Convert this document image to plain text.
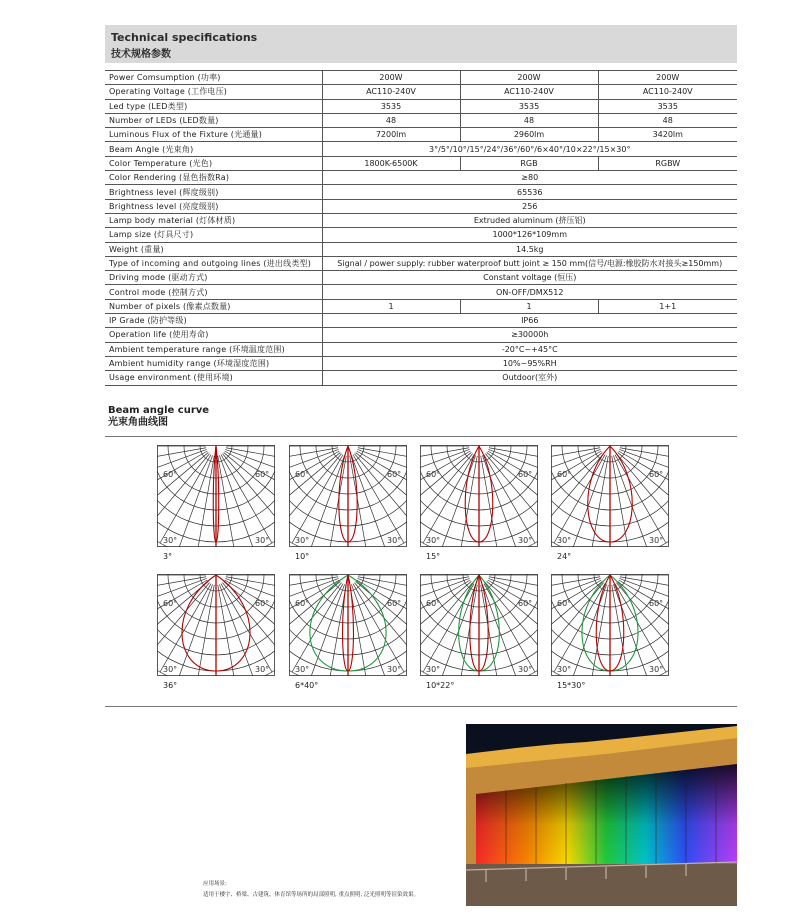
Technical specifications
技术规格参数
Power Comsumption (功率)	200W	200W	200W
Operating Voltage (工作电压)	AC110-240V	AC110-240V	AC110-240V
Led type (LED类型)	3535	3535	3535
Number of LEDs (LED数量)	48	48	48
Luminous Flux of the Fixture (光通量)	7200lm	2960lm	3420lm
Beam Angle (光束角)	3°/5°/10°/15°/24°/36°/60°/6×40°/10×22°/15×30°		
Color Temperature (光色)	1800K-6500K	RGB	RGBW
Color Rendering (显色指数Ra)	≥80		
Brightness level (辉度级别)	65536		
Brightness level (亮度级别)	256		
Lamp body material (灯体材质)	Extruded aluminum (挤压铝)		
Lamp size (灯具尺寸)	1000*126*109mm		
Weight (重量)	14.5kg		
Type of incoming and outgoing lines (进出线类型)	Signal / power supply: rubber waterproof butt joint ≥ 150 mm(信号/电源:橡胶防水对接头≥150mm)		
Driving mode (驱动方式)	Constant voltage (恒压)		
Control mode (控制方式)	ON-OFF/DMX512		
Number of pixels (像素点数量)	1	1	1+1
IP Grade (防护等级)	IP66		
Operation life (使用寿命)	≥30000h		
Ambient temperature range (环境温度范围)	-20°C~+45°C		
Ambient humidity range (环境湿度范围)	10%~95%RH		
Usage environment (使用环境)	Outdoor(室外)		
Beam angle curve
光束角曲线图
60°	60°
30°	30°
3°
60°	60°
30°	30°
10°
60°	60°
30°	30°
15°
60°	60°
30°	30°
24°
60°	60°
30°	30°
36°
60°	60°
30°	30°
6*40°
60°	60°
30°	30°
10*22°
60°	60°
30°	30°
15*30°
应用场景:
适用于楼宇、桥梁、古建筑、体育馆等场所的局部照明, 重点照明, 泛光照明等渲染效果。
